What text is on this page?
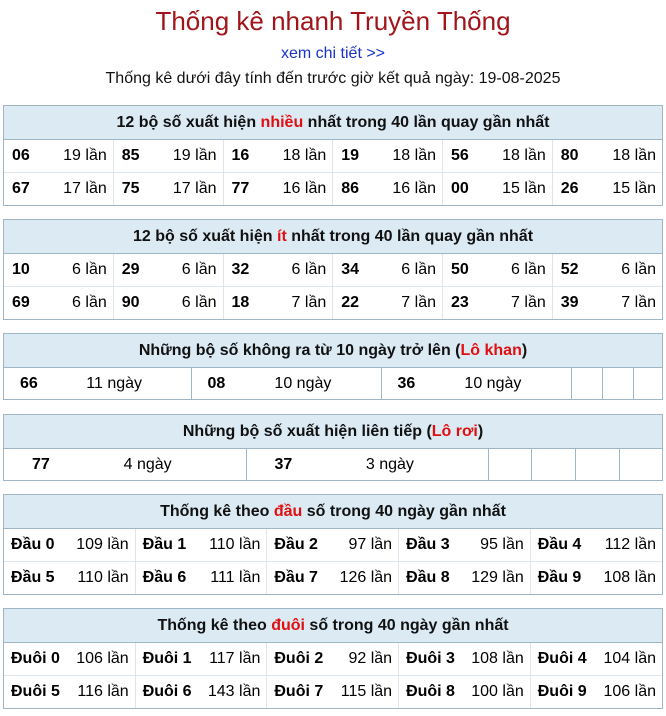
Thống kê nhanh Truyền Thống
xem chi tiết >>
Thống kê dưới đây tính đến trước giờ kết quả ngày: 19-08-2025
12 bộ số xuất hiện nhiều nhất trong 40 lần quay gần nhất
06	19 lần	85	19 lần	16	18 lần	19	18 lần	56	18 lần	80	18 lần
67	17 lần	75	17 lần	77	16 lần	86	16 lần	00	15 lần	26	15 lần
12 bộ số xuất hiện ít nhất trong 40 lần quay gần nhất
10	6 lần	29	6 lần	32	6 lần	34	6 lần	50	6 lần	52	6 lần
69	6 lần	90	6 lần	18	7 lần	22	7 lần	23	7 lần	39	7 lần
Những bộ số không ra từ 10 ngày trở lên (Lô khan)
66	11 ngày	08	10 ngày	36	10 ngày

Những bộ số xuất hiện liên tiếp (Lô rơi)
77	4 ngày	37	3 ngày

Thống kê theo đầu số trong 40 ngày gần nhất
Đầu 0	109 lần	Đầu 1	110 lần	Đầu 2	97 lần	Đầu 3	95 lần	Đầu 4	112 lần
Đầu 5	110 lần	Đầu 6	111 lần	Đầu 7	126 lần	Đầu 8	129 lần	Đầu 9	108 lần
Thống kê theo đuôi số trong 40 ngày gần nhất
Đuôi 0	106 lần	Đuôi 1	117 lần	Đuôi 2	92 lần	Đuôi 3	108 lần	Đuôi 4	104 lần
Đuôi 5	116 lần	Đuôi 6	143 lần	Đuôi 7	115 lần	Đuôi 8	100 lần	Đuôi 9	106 lần
